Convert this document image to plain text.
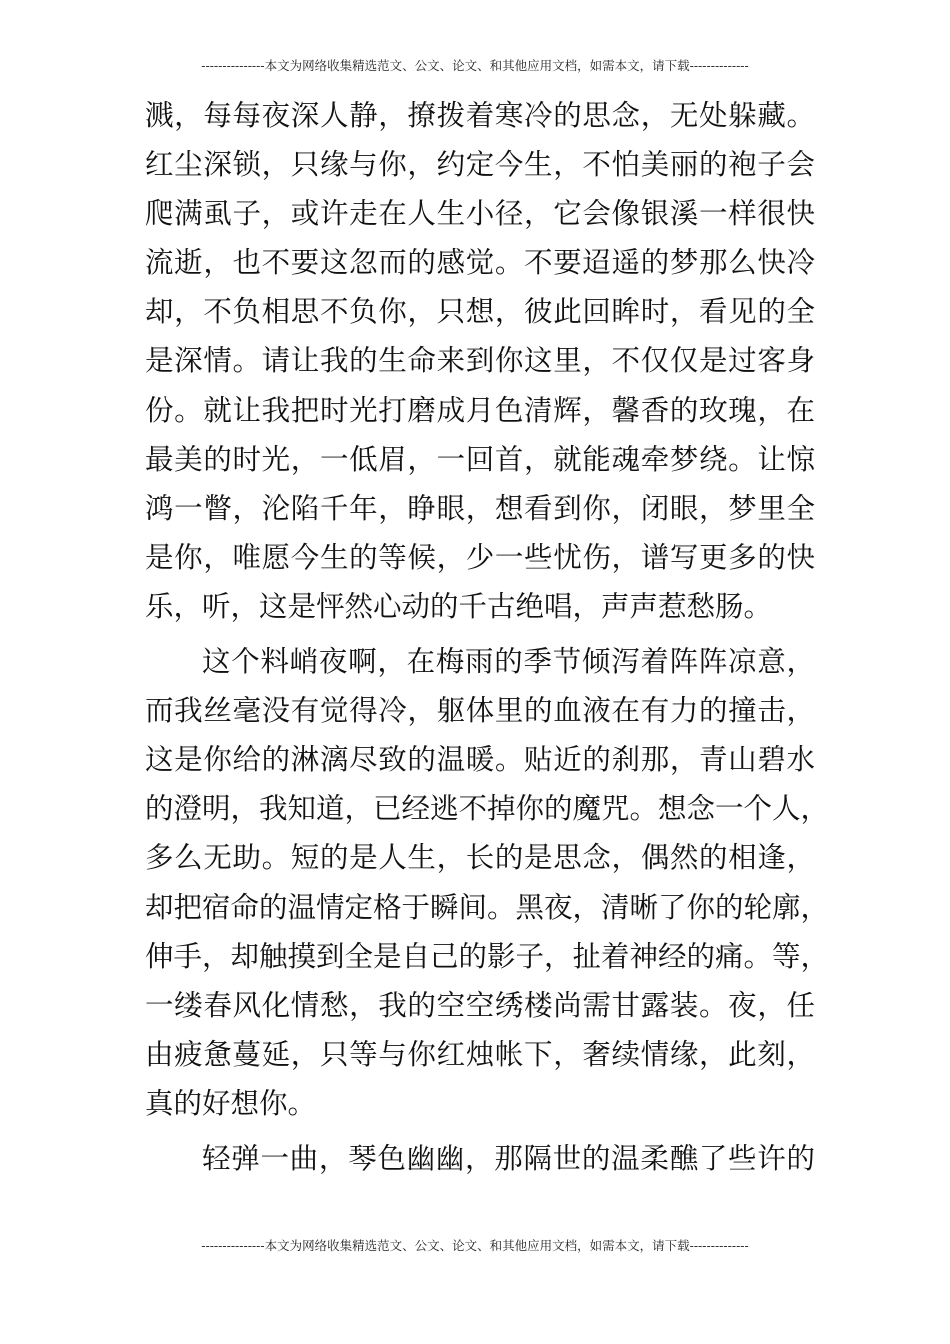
---------------本文为网络收集精选范文、公文、论文、和其他应用文档，如需本文，请下载--------------
溅，每每夜深人静，撩拨着寒冷的思念，无处躲藏。
红尘深锁，只缘与你，约定今生，不怕美丽的袍子会
爬满虱子，或许走在人生小径，它会像银溪一样很快
流逝，也不要这忽而的感觉。不要迢遥的梦那么快冷
却，不负相思不负你，只想，彼此回眸时，看见的全
是深情。请让我的生命来到你这里，不仅仅是过客身
份。就让我把时光打磨成月色清辉，馨香的玫瑰，在
最美的时光，一低眉，一回首，就能魂牵梦绕。让惊
鸿一瞥，沦陷千年，睁眼，想看到你，闭眼，梦里全
是你，唯愿今生的等候，少一些忧伤，谱写更多的快
乐，听，这是怦然心动的千古绝唱，声声惹愁肠。
这个料峭夜啊，在梅雨的季节倾泻着阵阵凉意，
而我丝毫没有觉得冷，躯体里的血液在有力的撞击，
这是你给的淋漓尽致的温暖。贴近的刹那，青山碧水
的澄明，我知道，已经逃不掉你的魔咒。想念一个人，
多么无助。短的是人生，长的是思念，偶然的相逢，
却把宿命的温情定格于瞬间。黑夜，清晰了你的轮廓，
伸手，却触摸到全是自己的影子，扯着神经的痛。等，
一缕春风化情愁，我的空空绣楼尚需甘露装。夜，任
由疲惫蔓延，只等与你红烛帐下，奢续情缘，此刻，
真的好想你。
轻弹一曲，琴色幽幽，那隔世的温柔醮了些许的
---------------本文为网络收集精选范文、公文、论文、和其他应用文档，如需本文，请下载--------------
